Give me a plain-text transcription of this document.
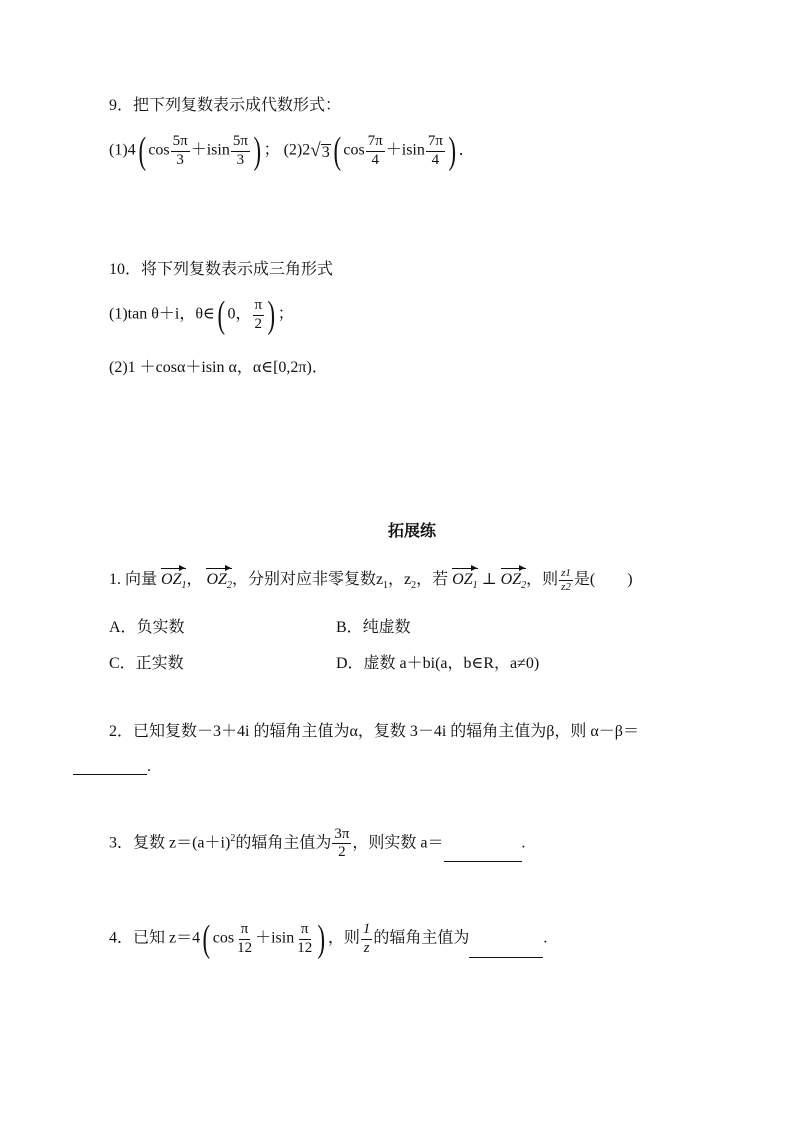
9．把下列复数表示成代数形式：
(1)4( $\cos \frac{5\pi}{3} +isin \frac{5\pi}{3}$ ) ； (2)2 √ 3 ( $\cos \frac{7\pi}{4} +isin \frac{7\pi}{4}$ ) ．
10．将下列复数表示成三角形式
(1)tan θ＋i，θ∈( 0， $\frac{\pi}{2}$ ) ；
(2)1 ＋cosα＋isin α，α∈[0,2π)．
拓展练
1. 向量 $OZ_1$， $OZ_2$，分别对应非零复数$z_1$，$z_2$，若 $OZ_1$ ⊥ $OZ_2$，则 $\frac{z1}{z2}$ 是(　　)
A．负实数	B．纯虚数
C．正实数	D．虚数 a＋bi(a，b∈R，a≠0)
2．已知复数－3＋4i 的辐角主值为α，复数 3－4i 的辐角主值为β，则 α－β＝
.
3．复数 $z=(a+i)^2$的辐角主值为 $\frac{3\pi}{2}$ ，则实数 a＝	.
4．已知 z＝4( $\cos \frac{\pi}{12} +isin \frac{\pi}{12}$ ) ，则 $\frac{1}{z}$ 的辐角主值为	.
